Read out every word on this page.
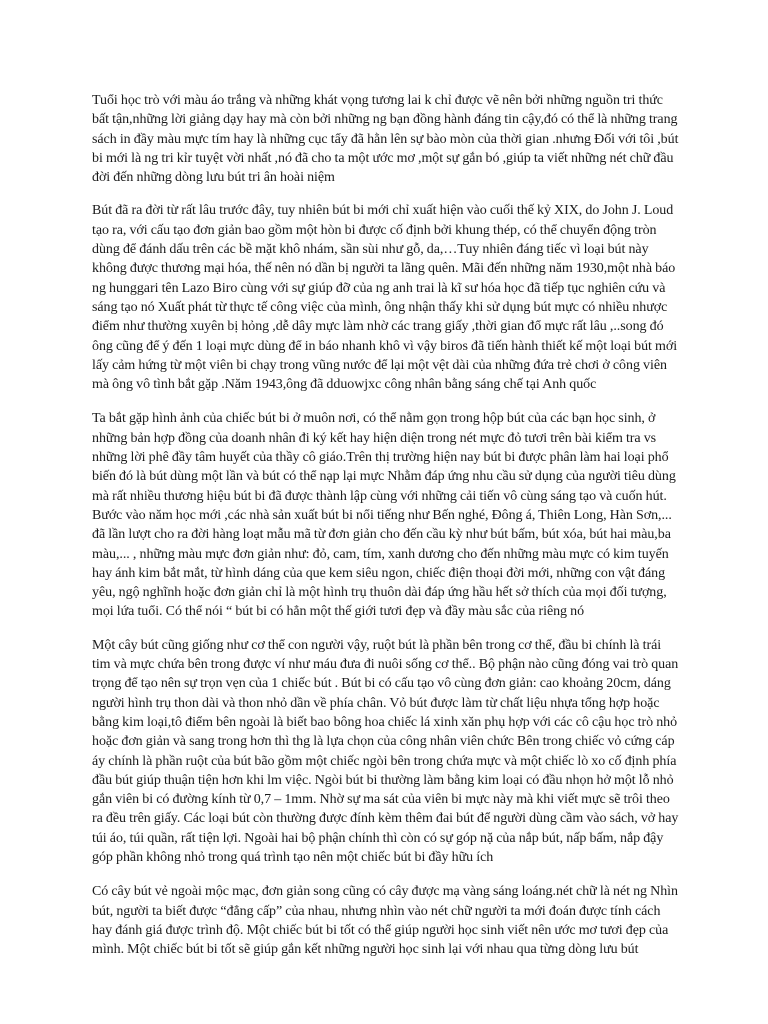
Tuổi học trò với màu áo trắng và những khát vọng tương lai k chỉ được vẽ nên bởi những nguồn tri thức bất tận,những lời giảng dạy hay mà còn bởi những ng bạn đồng hành đáng tin cậy,đó có thể là những trang sách in đầy màu mực tím hay là những cục tẩy đã hằn lên sự bào mòn của thời gian .nhưng Đối với tôi ,bút bi mới là ng tri kỉr tuyệt vời nhất ,nó đã cho ta một ước mơ ,một sự gắn bó ,giúp ta viết những nét chữ đầu đời đến những dòng lưu bút tri ân hoài niệm

Bút đã ra đời từ rất lâu trước đây, tuy nhiên bút bi mới chỉ xuất hiện vào cuối thế kỷ XIX, do John J. Loud tạo ra, với cấu tạo đơn giản bao gồm một hòn bi được cố định bởi khung thép, có thể chuyển động tròn dùng để đánh dấu trên các bề mặt khô nhám, sần sùi như gỗ, da,…Tuy nhiên đáng tiếc vì loại bút này không được thương mại hóa, thế nên nó dần bị người ta lãng quên. Mãi đến những năm 1930,một nhà báo ng hunggari tên Lazo Biro cùng với sự giúp đỡ của ng anh trai là kĩ sư hóa học đã tiếp tục nghiên cứu và sáng tạo nó Xuất phát từ thực tế công việc của mình, ông nhận thấy khi sử dụng bút mực có nhiều nhược điểm như thường xuyên bị hỏng ,dễ dây mực làm nhờ các trang giấy ,thời gian đổ mực rất lâu ,..song đó ông cũng để ý đến 1 loại mực dùng để in báo nhanh khô vì vậy biros đã tiến hành thiết kế một loại bút mới lấy cảm hứng từ một viên bi chạy trong vũng nước để lại một vệt dài của những đứa trẻ chơi ở công viên mà ông vô tình bắt gặp .Năm 1943,ông đã dduowjxc công nhân bằng sáng chế tại Anh quốc

Ta bắt gặp hình ảnh của chiếc bút bi ở muôn nơi, có thể nằm gọn trong hộp bút của các bạn học sinh, ở những bản hợp đồng của doanh nhân đi ký kết hay hiện diện trong nét mực đỏ tươi trên bài kiểm tra vs những lời phê đầy tâm huyết của thầy cô giáo.Trên thị trường hiện nay bút bi được phân làm hai loại phổ biến đó là bút dùng một lần và bút có thể nạp lại mực Nhằm đáp ứng nhu cầu sử dụng của người tiêu dùng mà rất nhiều thương hiệu bút bi đã được thành lập cùng với những cải tiến vô cùng sáng tạo và cuốn hút. Bước vào năm học mới ,các nhà sản xuất bút bi nổi tiếng như Bến nghé, Đông á, Thiên Long, Hàn Sơn,... đã lần lượt cho ra đời hàng loạt mẫu mã từ đơn giản cho đến cầu kỳ như bút bấm, bút xóa, bút hai màu,ba màu,... , những màu mực đơn giản như: đỏ, cam, tím, xanh dương cho đến những màu mực có kim tuyến hay ánh kim bắt mắt, từ hình dáng của que kem siêu ngon, chiếc điện thoại đời mới, những con vật đáng yêu, ngộ nghĩnh hoặc đơn giản chỉ là một hình trụ thuôn dài đáp ứng hầu hết sở thích của mọi đối tượng, mọi lứa tuổi. Có thể nói “ bút bi có hẳn một thế giới tươi đẹp và đầy màu sắc của riêng nó

Một cây bút cũng giống như cơ thể con người vậy, ruột bút là phần bên trong cơ thể, đầu bi chính là trái tim và mực chứa bên trong được ví như máu đưa đi nuôi sống cơ thể.. Bộ phận nào cũng đóng vai trò quan trọng để tạo nên sự trọn vẹn của 1 chiếc bút . Bút bi có cấu tạo vô cùng đơn giản: cao khoảng 20cm, dáng người hình trụ thon dài và thon nhỏ dần về phía chân. Vỏ bút được làm từ chất liệu nhựa tổng hợp hoặc bằng kim loại,tô điểm bên ngoài là biết bao bông hoa chiếc lá xinh xăn phụ hợp với các cô cậu học trò nhỏ hoặc đơn giản và sang trong hơn thì thg là lựa chọn của công nhân viên chức Bên trong chiếc vỏ cứng cáp áy chính là phần ruột của bút bão gồm một chiếc ngòi bên trong chứa mực và một chiếc lò xo cố định phía đầu bút giúp thuận tiện hơn khi lm việc. Ngòi bút bi thường làm bằng kim loại có đầu nhọn hở một lỗ nhỏ gắn viên bi có đường kính từ 0,7 – 1mm. Nhờ sự ma sát của viên bi mực này mà khi viết mực sẽ trôi theo ra đều trên giấy. Các loại bút còn thường được đính kèm thêm đai bút để người dùng cầm vào sách, vở hay túi áo, túi quần, rất tiện lợi. Ngoài hai bộ phận chính thì còn có sự góp nặ của nắp bút, nấp bấm, nắp đậy góp phần không nhỏ trong quá trình tạo nên một chiếc bút bi đầy hữu ích

Có cây bút vẻ ngoài mộc mạc, đơn giản song cũng có cây được mạ vàng sáng loáng.nét chữ là nét ng Nhìn bút, người ta biết được “đẳng cấp” của nhau, nhưng nhìn vào nét chữ người ta mới đoán được tính cách hay đánh giá được trình độ. Một chiếc bút bi tốt có thể giúp người học sinh viết nên ước mơ tươi đẹp của mình. Một chiếc bút bi tốt sẽ giúp gắn kết những người học sinh lại với nhau qua từng dòng lưu bút
